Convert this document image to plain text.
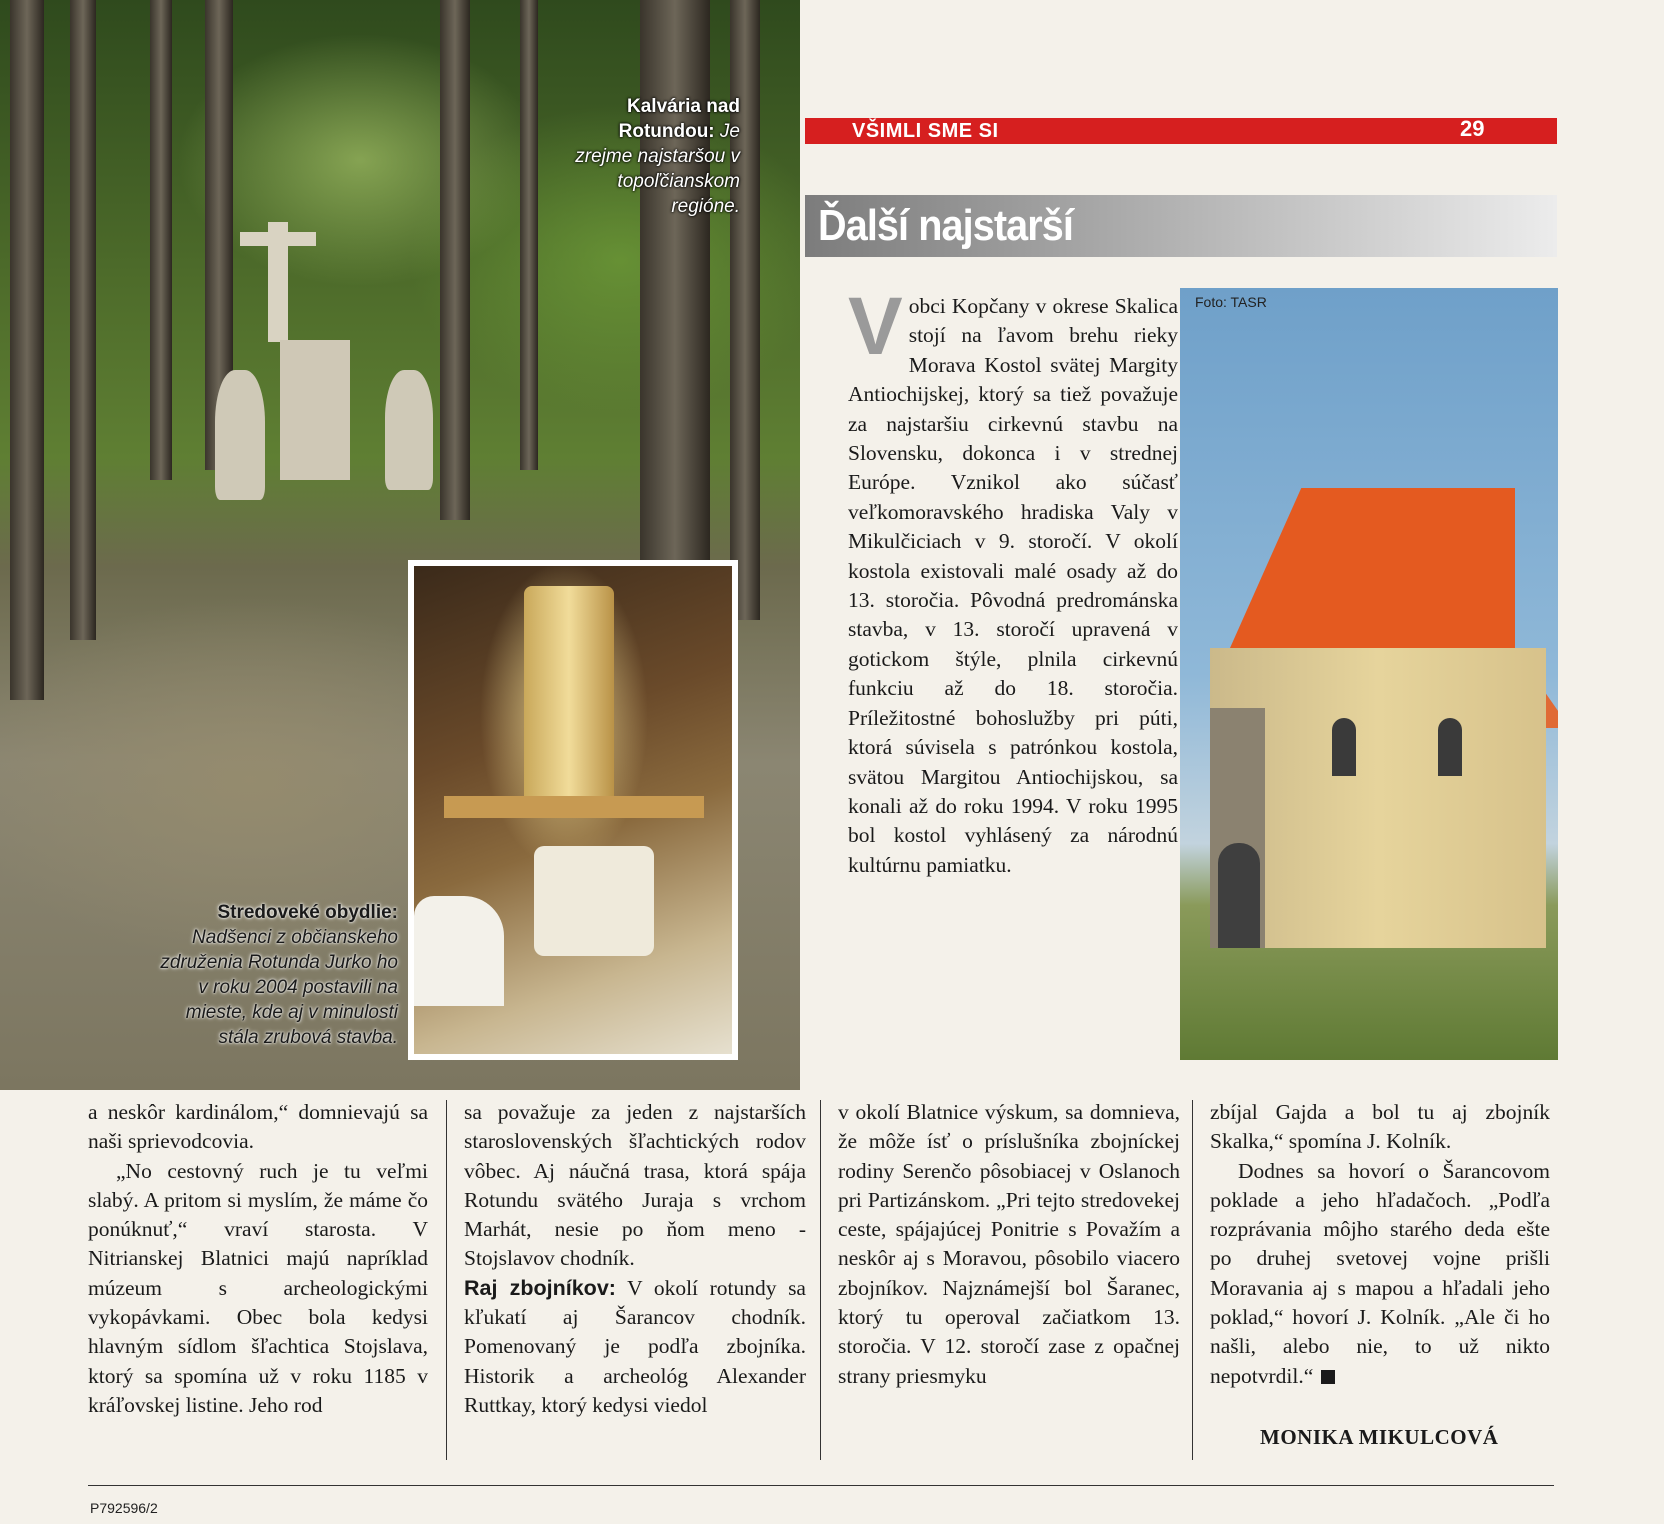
Kalvária nad Rotundou: Je zrejme najstaršou v topoľčianskom regióne.
Stredoveké obydlie:
Nadšenci z občianskeho združenia Rotunda Jurko ho v roku 2004 postavili na mieste, kde aj v minulosti stála zrubová stavba.
VŠIMLI SME SI	29
Ďalší najstarší
Vobci Kopčany v okrese Skalica stojí na ľavom brehu rieky Morava Kostol svätej Margity Antiochijskej, ktorý sa tiež považuje za najstaršiu cirkevnú stavbu na Slovensku, dokonca i v strednej Európe. Vznikol ako súčasť veľkomoravského hradiska Valy v Mikulčiciach v 9. storočí. V okolí kostola existovali malé osady až do 13. storočia. Pôvodná predrománska stavba, v 13. storočí upravená v gotickom štýle, plnila cirkevnú funkciu až do 18. storočia. Príležitostné bohoslužby pri púti, ktorá súvisela s patrónkou kostola, svätou Margitou Antiochijskou, sa konali až do roku 1994. V roku 1995 bol kostol vyhlásený za národnú kultúrnu pamiatku.
Foto: TASR

a neskôr kardinálom,“ domnievajú sa naši sprievodcovia.

„No cestovný ruch je tu veľmi slabý. A pritom si myslím, že máme čo ponúknuť,“ vraví starosta. V Nitrianskej Blatnici majú napríklad múzeum s archeologickými vykopávkami. Obec bola kedysi hlavným sídlom šľachtica Stojslava, ktorý sa spomína už v roku 1185 v kráľovskej listine. Jeho rod

sa považuje za jeden z najstarších staroslovenských šľachtických rodov vôbec. Aj náučná trasa, ktorá spája Rotundu svätého Juraja s vrchom Marhát, nesie po ňom meno - Stojslavov chodník.

Raj zbojníkov: V okolí rotundy sa kľukatí aj Šarancov chodník. Pomenovaný je podľa zbojníka. Historik a archeológ Alexander Ruttkay, ktorý kedysi viedol

v okolí Blatnice výskum, sa domnieva, že môže ísť o príslušníka zbojníckej rodiny Serenčo pôsobiacej v Oslanoch pri Partizánskom. „Pri tejto stredovekej ceste, spájajúcej Ponitrie s Považím a neskôr aj s Moravou, pôsobilo viacero zbojníkov. Najznámejší bol Šaranec, ktorý tu operoval začiatkom 13. storočia. V 12. storočí zase z opačnej strany priesmyku

zbíjal Gajda a bol tu aj zbojník Skalka,“ spomína J. Kolník.

Dodnes sa hovorí o Šarancovom poklade a jeho hľadačoch. „Podľa rozprávania môjho starého deda ešte po druhej svetovej vojne prišli Moravania aj s mapou a hľadali jeho poklad,“ hovorí J. Kolník. „Ale či ho našli, alebo nie, to už nikto nepotvrdil.“

MONIKA MIKULCOVÁ
P792596/2
